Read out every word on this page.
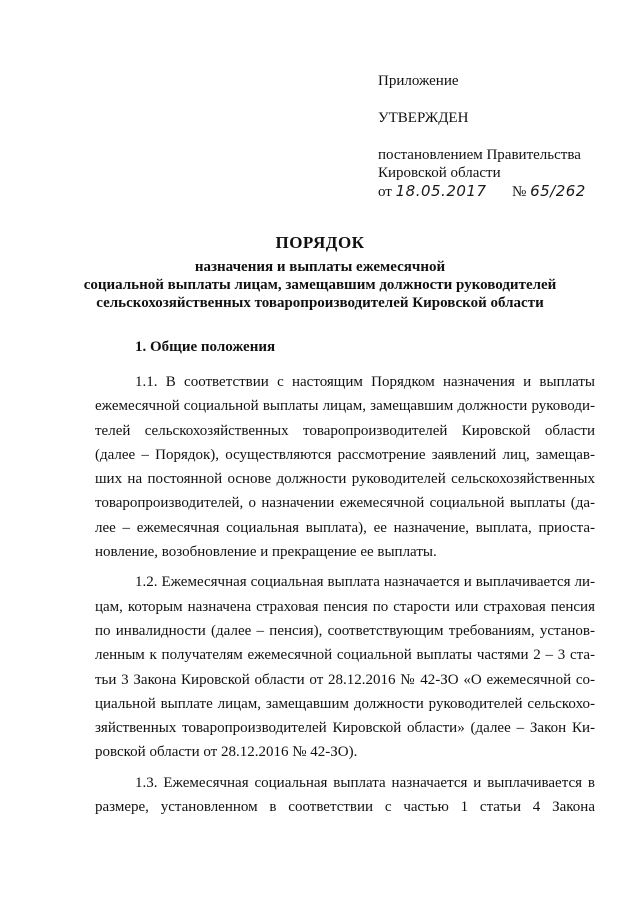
Приложение
УТВЕРЖДЕН
постановлением Правительства
Кировской области
от 18.05.2017 № 65/262
ПОРЯДОК
назначения и выплаты ежемесячной
социальной выплаты лицам, замещавшим должности руководителей
сельскохозяйственных товаропроизводителей Кировской области
1. Общие положения
1.1. В соответствии с настоящим Порядком назначения и выплаты
ежемесячной социальной выплаты лицам, замещавшим должности руководи-
телей сельскохозяйственных товаропроизводителей Кировской области
(далее – Порядок), осуществляются рассмотрение заявлений лиц, замещав-
ших на постоянной основе должности руководителей сельскохозяйственных
товаропроизводителей, о назначении ежемесячной социальной выплаты (да-
лее – ежемесячная социальная выплата), ее назначение, выплата, приоста-
новление, возобновление и прекращение ее выплаты.
1.2. Ежемесячная социальная выплата назначается и выплачивается ли-
цам, которым назначена страховая пенсия по старости или страховая пенсия
по инвалидности (далее – пенсия), соответствующим требованиям, установ-
ленным к получателям ежемесячной социальной выплаты частями 2 – 3 ста-
тьи 3 Закона Кировской области от 28.12.2016 № 42-ЗО «О ежемесячной со-
циальной выплате лицам, замещавшим должности руководителей сельскохо-
зяйственных товаропроизводителей Кировской области» (далее – Закон Ки-
ровской области от 28.12.2016 № 42-ЗО).
1.3. Ежемесячная социальная выплата назначается и выплачивается в
размере, установленном в соответствии с частью 1 статьи 4 Закона
